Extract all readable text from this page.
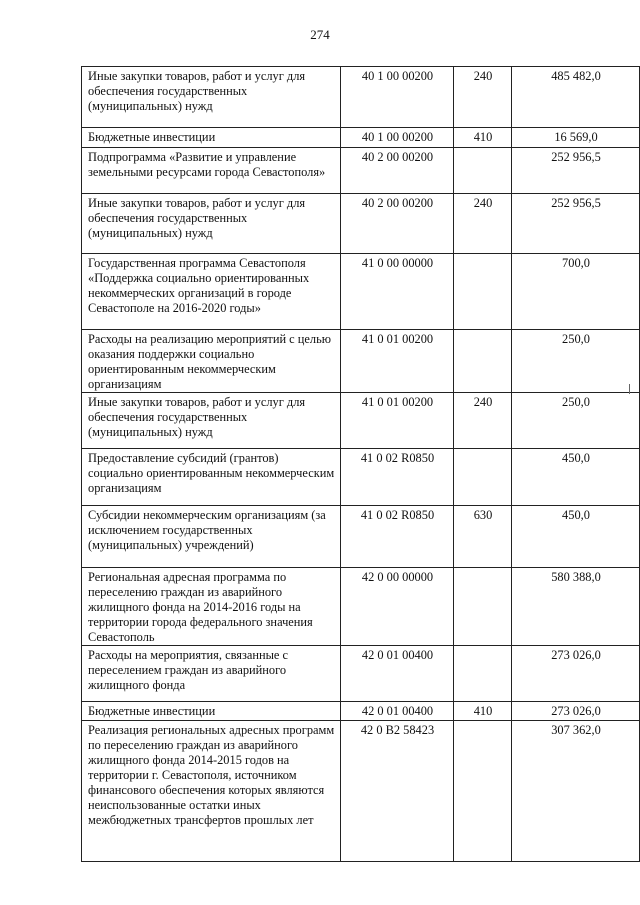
274
Иные закупки товаров, работ и услуг для обеспечения государственных (муниципальных) нужд	40 1 00 00200	240	485 482,0
Бюджетные инвестиции	40 1 00 00200	410	16 569,0
Подпрограмма «Развитие и управление земельными ресурсами города Севастополя»	40 2 00 00200		252 956,5
Иные закупки товаров, работ и услуг для обеспечения государственных (муниципальных) нужд	40 2 00 00200	240	252 956,5
Государственная программа Севастополя «Поддержка социально ориентированных некоммерческих организаций в городе Севастополе на 2016-2020 годы»	41 0 00 00000		700,0
Расходы на реализацию мероприятий с целью оказания поддержки социально ориентированным некоммерческим организациям	41 0 01 00200		250,0
Иные закупки товаров, работ и услуг для обеспечения государственных (муниципальных) нужд	41 0 01 00200	240	250,0
Предоставление субсидий (грантов) социально ориентированным некоммерческим организациям	41 0 02 R0850		450,0
Субсидии некоммерческим организациям (за исключением государственных (муниципальных) учреждений)	41 0 02 R0850	630	450,0
Региональная адресная программа по переселению граждан из аварийного жилищного фонда на 2014-2016 годы на территории города федерального значения Севастополь	42 0 00 00000		580 388,0
Расходы на мероприятия, связанные с переселением граждан из аварийного жилищного фонда	42 0 01 00400		273 026,0
Бюджетные инвестиции	42 0 01 00400	410	273 026,0
Реализация региональных адресных программ по переселению граждан из аварийного жилищного фонда 2014-2015 годов на территории г. Севастополя, источником финансового обеспечения которых являются неиспользованные остатки иных межбюджетных трансфертов прошлых лет	42 0 B2 58423		307 362,0
